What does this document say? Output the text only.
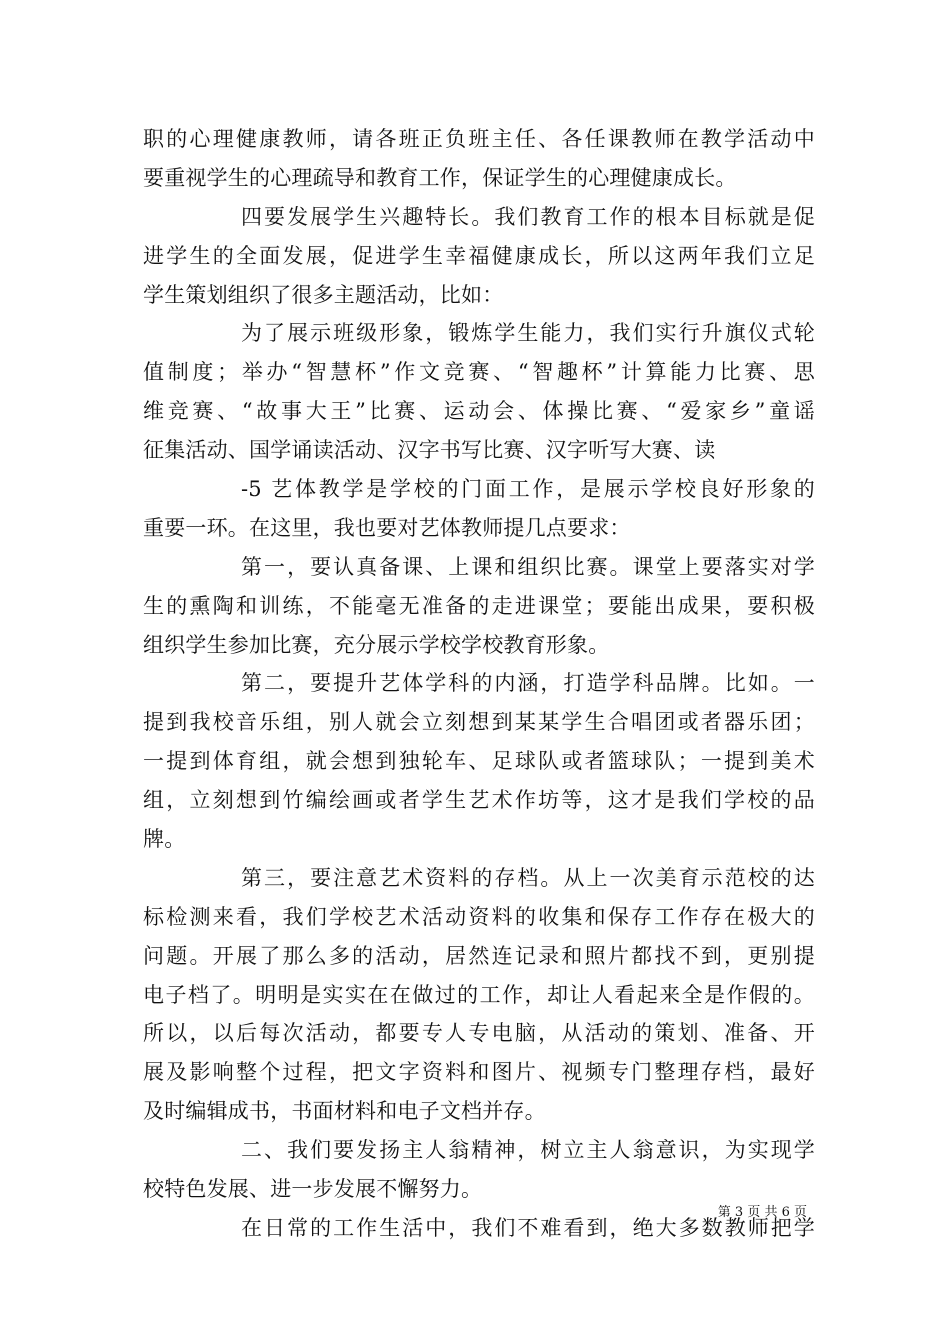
职的心理健康教师，请各班正负班主任、各任课教师在教学活动中
要重视学生的心理疏导和教育工作，保证学生的心理健康成长。
四要发展学生兴趣特长。我们教育工作的根本目标就是促
进学生的全面发展，促进学生幸福健康成长，所以这两年我们立足
学生策划组织了很多主题活动，比如：
为了展示班级形象，锻炼学生能力，我们实行升旗仪式轮
值制度；举办“智慧杯”作文竞赛、“智趣杯”计算能力比赛、思
维竞赛、“故事大王”比赛、运动会、体操比赛、“爱家乡”童谣
征集活动、国学诵读活动、汉字书写比赛、汉字听写大赛、读
-5 艺体教学是学校的门面工作，是展示学校良好形象的
重要一环。在这里，我也要对艺体教师提几点要求：
第一，要认真备课、上课和组织比赛。课堂上要落实对学
生的熏陶和训练，不能毫无准备的走进课堂；要能出成果，要积极
组织学生参加比赛，充分展示学校学校教育形象。
第二，要提升艺体学科的内涵，打造学科品牌。比如。一
提到我校音乐组，别人就会立刻想到某某学生合唱团或者器乐团；
一提到体育组，就会想到独轮车、足球队或者篮球队；一提到美术
组，立刻想到竹编绘画或者学生艺术作坊等，这才是我们学校的品
牌。
第三，要注意艺术资料的存档。从上一次美育示范校的达
标检测来看，我们学校艺术活动资料的收集和保存工作存在极大的
问题。开展了那么多的活动，居然连记录和照片都找不到，更别提
电子档了。明明是实实在在做过的工作，却让人看起来全是作假的。
所以，以后每次活动，都要专人专电脑，从活动的策划、准备、开
展及影响整个过程，把文字资料和图片、视频专门整理存档，最好
及时编辑成书，书面材料和电子文档并存。
二、我们要发扬主人翁精神，树立主人翁意识，为实现学
校特色发展、进一步发展不懈努力。
在日常的工作生活中，我们不难看到，绝大多数教师把学
第 3 页 共 6 页
